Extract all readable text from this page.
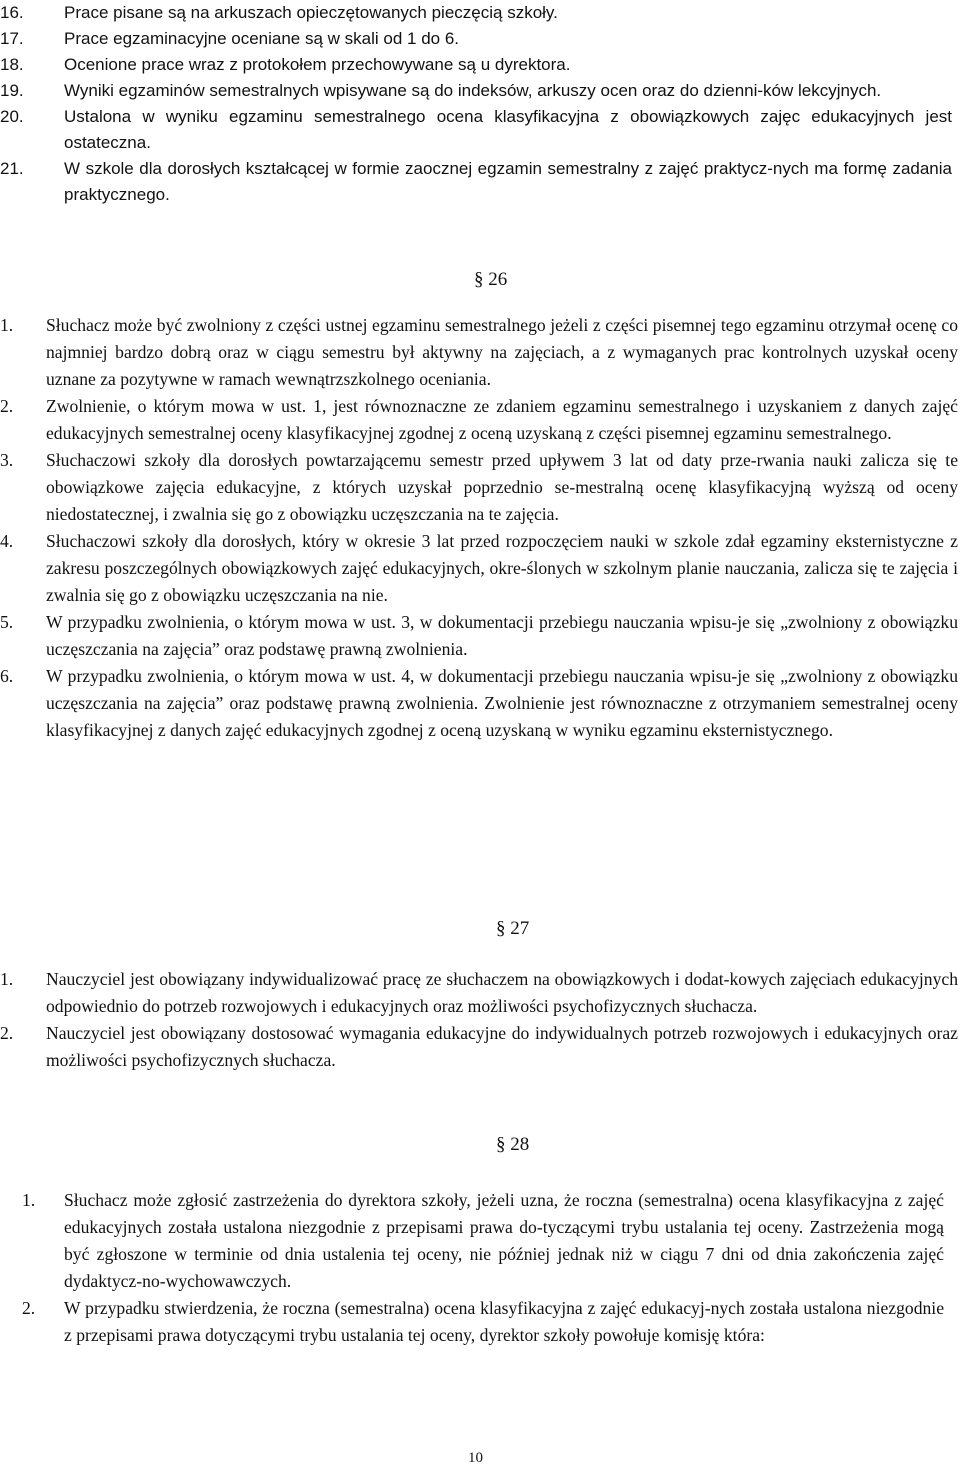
16. Prace pisane są na arkuszach opieczętowanych pieczęcią szkoły.
17. Prace egzaminacyjne oceniane są w skali od 1 do 6.
18. Ocenione prace wraz z protokołem przechowywane są u dyrektora.
19. Wyniki egzaminów semestralnych wpisywane są do indeksów, arkuszy ocen oraz do dzienni-ków lekcyjnych.
20. Ustalona w wyniku egzaminu semestralnego ocena klasyfikacyjna z obowiązkowych zajęc edukacyjnych jest ostateczna.
21. W szkole dla dorosłych kształcącej w formie zaocznej egzamin semestralny z zajęć praktycz-nych ma formę zadania praktycznego.
§ 26
1. Słuchacz może być zwolniony z części ustnej egzaminu semestralnego jeżeli z części pisemnej tego egzaminu otrzymał ocenę co najmniej bardzo dobrą oraz w ciągu semestru był aktywny na zajęciach, a z wymaganych prac kontrolnych uzyskał oceny uznane za pozytywne w ramach wewnątrzszkolnego oceniania.
2. Zwolnienie, o którym mowa w ust. 1, jest równoznaczne ze zdaniem egzaminu semestralnego i uzyskaniem z danych zajęć edukacyjnych semestralnej oceny klasyfikacyjnej zgodnej z oceną uzyskaną z części pisemnej egzaminu semestralnego.
3. Słuchaczowi szkoły dla dorosłych powtarzającemu semestr przed upływem 3 lat od daty prze-rwania nauki zalicza się te obowiązkowe zajęcia edukacyjne, z których uzyskał poprzednio se-mestralną ocenę klasyfikacyjną wyższą od oceny niedostatecznej, i zwalnia się go z obowiązku uczęszczania na te zajęcia.
4. Słuchaczowi szkoły dla dorosłych, który w okresie 3 lat przed rozpoczęciem nauki w szkole zdał egzaminy eksternistyczne z zakresu poszczególnych obowiązkowych zajęć edukacyjnych, okre-ślonych w szkolnym planie nauczania, zalicza się te zajęcia i zwalnia się go z obowiązku uczęszczania na nie.
5. W przypadku zwolnienia, o którym mowa w ust. 3, w dokumentacji przebiegu nauczania wpisu-je się „zwolniony z obowiązku uczęszczania na zajęcia” oraz podstawę prawną zwolnienia.
6. W przypadku zwolnienia, o którym mowa w ust. 4, w dokumentacji przebiegu nauczania wpisu-je się „zwolniony z obowiązku uczęszczania na zajęcia” oraz podstawę prawną zwolnienia. Zwolnienie jest równoznaczne z otrzymaniem semestralnej oceny klasyfikacyjnej z danych zajęć edukacyjnych zgodnej z oceną uzyskaną w wyniku egzaminu eksternistycznego.
§ 27
1. Nauczyciel jest obowiązany indywidualizować pracę ze słuchaczem na obowiązkowych i dodat-kowych zajęciach edukacyjnych odpowiednio do potrzeb rozwojowych i edukacyjnych oraz możliwości psychofizycznych słuchacza.
2. Nauczyciel jest obowiązany dostosować wymagania edukacyjne do indywidualnych potrzeb rozwojowych i edukacyjnych oraz możliwości psychofizycznych słuchacza.
§ 28
1. Słuchacz może zgłosić zastrzeżenia do dyrektora szkoły, jeżeli uzna, że roczna (semestralna) ocena klasyfikacyjna z zajęć edukacyjnych została ustalona niezgodnie z przepisami prawa do-tyczącymi trybu ustalania tej oceny. Zastrzeżenia mogą być zgłoszone w terminie od dnia ustalenia tej oceny, nie później jednak niż w ciągu 7 dni od dnia zakończenia zajęć dydaktycz-no-wychowawczych.
2. W przypadku stwierdzenia, że roczna (semestralna) ocena klasyfikacyjna z zajęć edukacyj-nych została ustalona niezgodnie z przepisami prawa dotyczącymi trybu ustalania tej oceny, dyrektor szkoły powołuje komisję która:
10
